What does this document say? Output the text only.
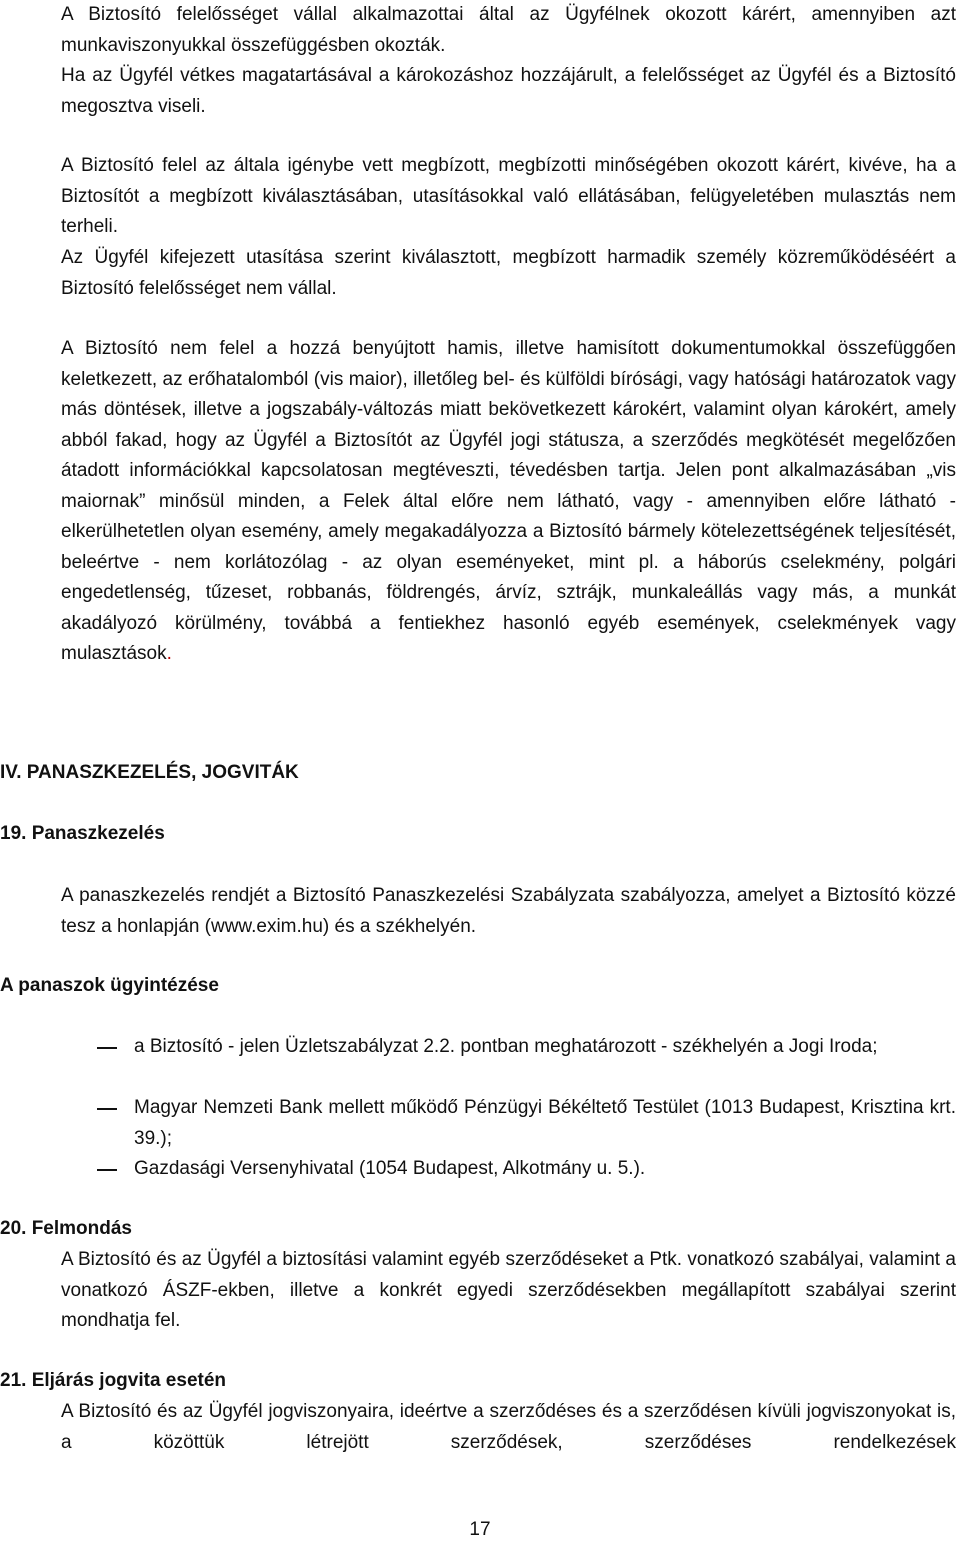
A Biztosító felelősséget vállal alkalmazottai által az Ügyfélnek okozott kárért, amennyiben azt munkaviszonyukkal összefüggésben okozták.

Ha az Ügyfél vétkes magatartásával a károkozáshoz hozzájárult, a felelősséget az Ügyfél és a Biztosító megosztva viseli.

A Biztosító felel az általa igénybe vett megbízott, megbízotti minőségében okozott kárért, kivéve, ha a Biztosítót a megbízott kiválasztásában, utasításokkal való ellátásában, felügyeletében mulasztás nem terheli.

Az Ügyfél kifejezett utasítása szerint kiválasztott, megbízott harmadik személy közreműködéséért a Biztosító felelősséget nem vállal.

A Biztosító nem felel a hozzá benyújtott hamis, illetve hamisított dokumentumokkal összefüggően keletkezett, az erőhatalomból (vis maior), illetőleg bel- és külföldi bírósági, vagy hatósági határozatok vagy más döntések, illetve a jogszabály-változás miatt bekövetkezett károkért, valamint olyan károkért, amely abból fakad, hogy az Ügyfél a Biztosítót az Ügyfél jogi státusza, a szerződés megkötését megelőzően átadott információkkal kapcsolatosan megtéveszti, tévedésben tartja. Jelen pont alkalmazásában „vis maiornak” minősül minden, a Felek által előre nem látható, vagy - amennyiben előre látható - elkerülhetetlen olyan esemény, amely megakadályozza a Biztosító bármely kötelezettségének teljesítését, beleértve - nem korlátozólag - az olyan eseményeket, mint pl. a háborús cselekmény, polgári engedetlenség, tűzeset, robbanás, földrengés, árvíz, sztrájk, munkaleállás vagy más, a munkát akadályozó körülmény, továbbá a fentiekhez hasonló egyéb események, cselekmények vagy mulasztások.

IV. PANASZKEZELÉS, JOGVITÁK
19. Panaszkezelés

A panaszkezelés rendjét a Biztosító Panaszkezelési Szabályzata szabályozza, amelyet a Biztosító közzé tesz a honlapján (www.exim.hu) és a székhelyén.

A panaszok ügyintézése

a Biztosító - jelen Üzletszabályzat 2.2. pontban meghatározott - székhelyén a Jogi Iroda;

Magyar Nemzeti Bank mellett működő Pénzügyi Békéltető Testület (1013 Budapest, Krisztina krt. 39.);

Gazdasági Versenyhivatal (1054 Budapest, Alkotmány u. 5.).

20. Felmondás

A Biztosító és az Ügyfél a biztosítási valamint egyéb szerződéseket a Ptk. vonatkozó szabályai, valamint a vonatkozó ÁSZF-ekben, illetve a konkrét egyedi szerződésekben megállapított szabályai szerint mondhatja fel.

21. Eljárás jogvita esetén

A Biztosító és az Ügyfél jogviszonyaira, ideértve a szerződéses és a szerződésen kívüli jogviszonyokat is, a közöttük létrejött szerződések, szerződéses rendelkezések

17
